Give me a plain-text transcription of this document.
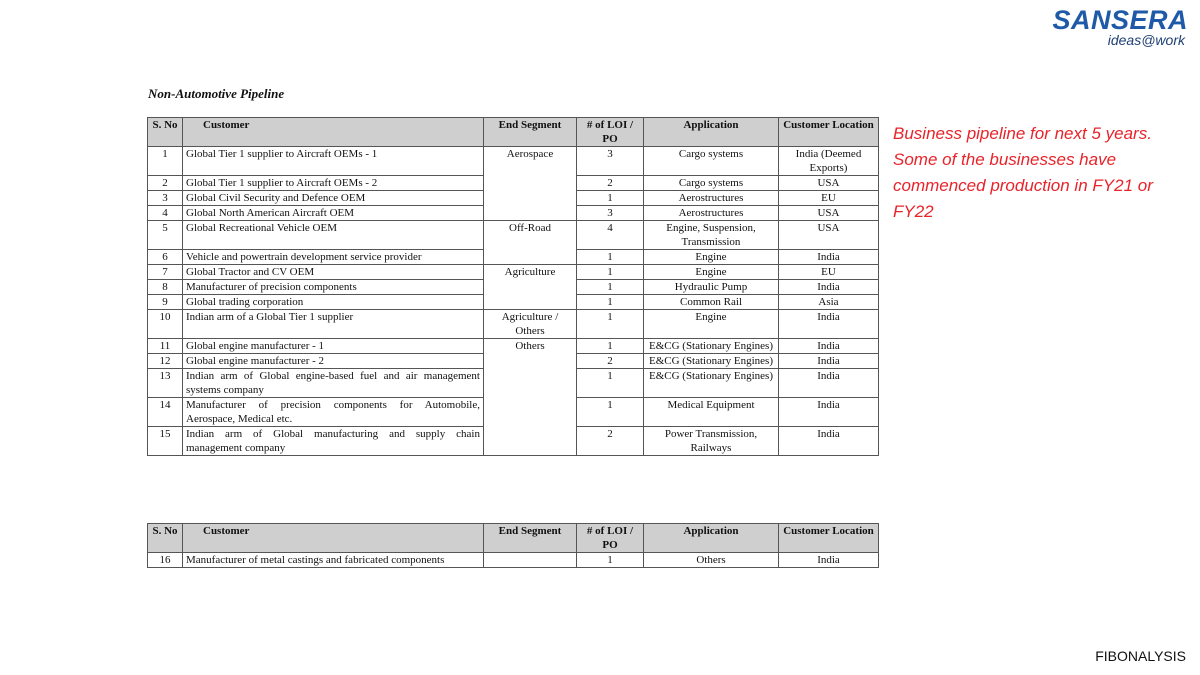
SANSERA
ideas@work
Non-Automotive Pipeline
S. No	Customer	End Segment	# of LOI / PO	Application	Customer Location
1	Global Tier 1 supplier to Aircraft OEMs - 1	Aerospace	3	Cargo systems	India (Deemed Exports)
2	Global Tier 1 supplier to Aircraft OEMs - 2		2	Cargo systems	USA
3	Global Civil Security and Defence OEM		1	Aerostructures	EU
4	Global North American Aircraft OEM		3	Aerostructures	USA
5	Global Recreational Vehicle OEM	Off-Road	4	Engine, Suspension, Transmission	USA
6	Vehicle and powertrain development service provider		1	Engine	India
7	Global Tractor and CV OEM	Agriculture	1	Engine	EU
8	Manufacturer of precision components		1	Hydraulic Pump	India
9	Global trading corporation		1	Common Rail	Asia
10	Indian arm of a Global Tier 1 supplier	Agriculture / Others	1	Engine	India
11	Global engine manufacturer - 1	Others	1	E&CG (Stationary Engines)	India
12	Global engine manufacturer - 2		2	E&CG (Stationary Engines)	India
13	Indian arm of Global engine-based fuel and air management systems company		1	E&CG (Stationary Engines)	India
14	Manufacturer of precision components for Automobile, Aerospace, Medical etc.		1	Medical Equipment	India
15	Indian arm of Global manufacturing and supply chain management company		2	Power Transmission, Railways	India
S. No	Customer	End Segment	# of LOI / PO	Application	Customer Location
16	Manufacturer of metal castings and fabricated components		1	Others	India
Business pipeline for next 5 years. Some of the businesses have commenced production in FY21 or FY22
FIBONALYSIS
